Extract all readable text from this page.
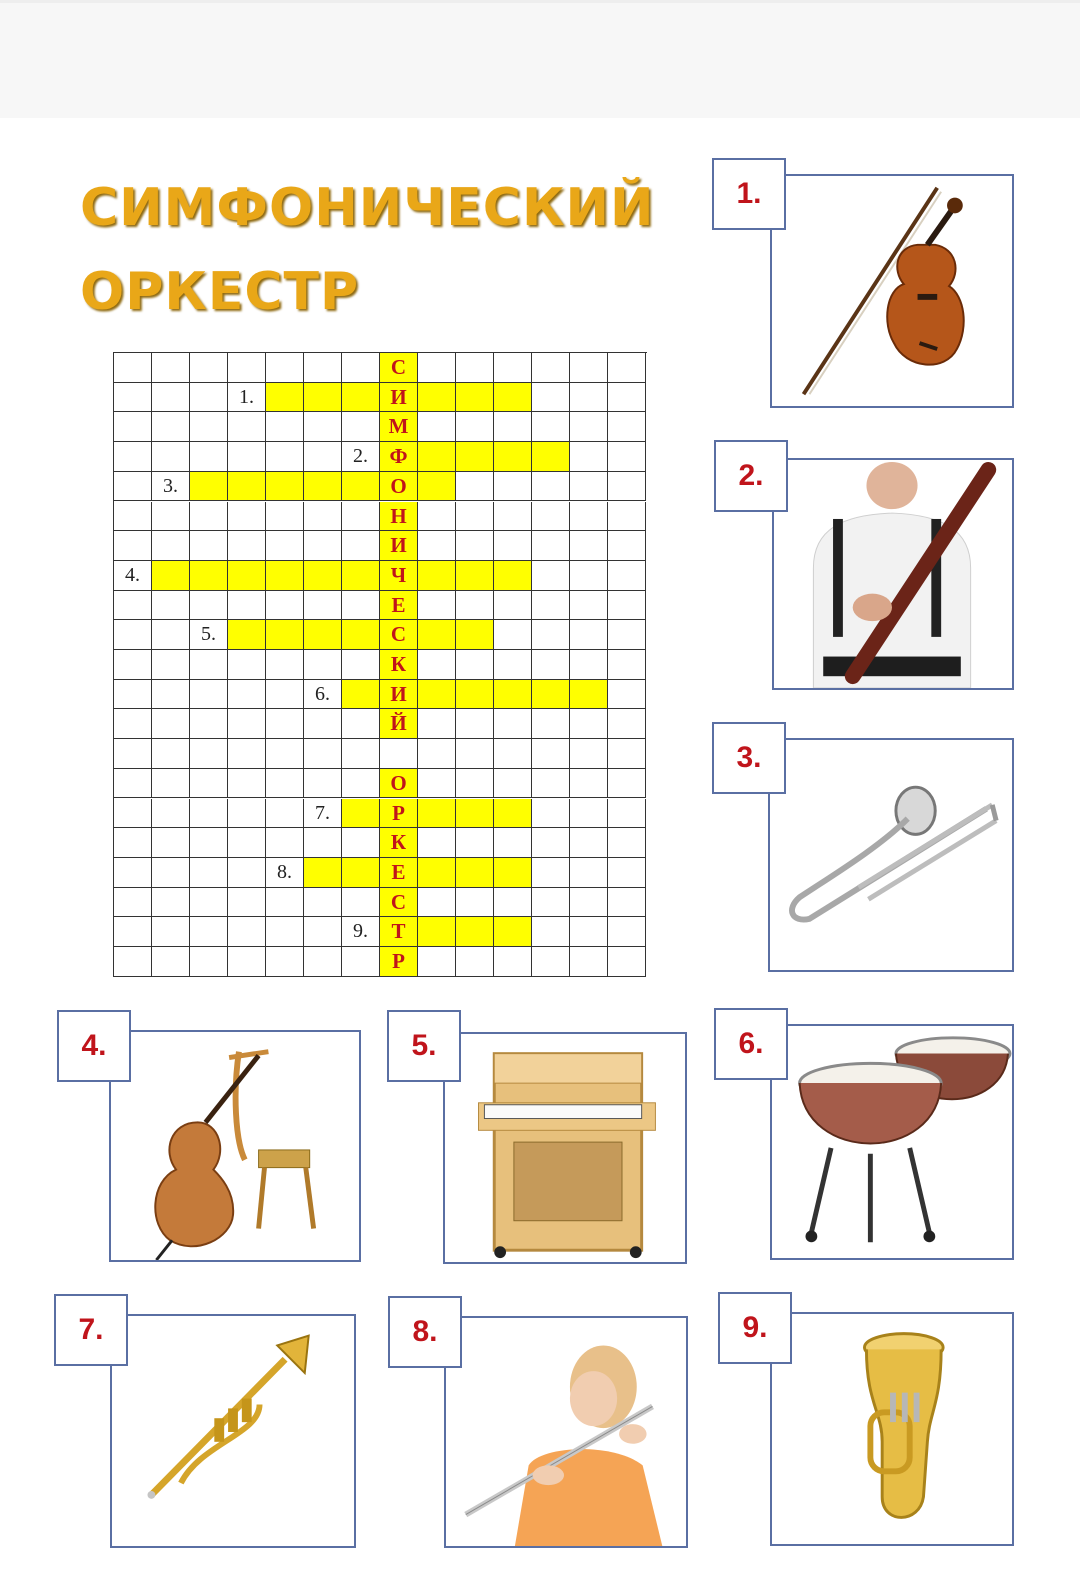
СИМФОНИЧЕСКИЙ
ОРКЕСТР
С
1.	И
М
2.	Ф
3.	О
Н
И
4.	Ч
Е
5.	С
К
6.	И
Й
О
7.	Р
К
8.	Е
С
9.	Т
Р
1.
2.
3.
4.	5.	6.
7.	8.	9.
